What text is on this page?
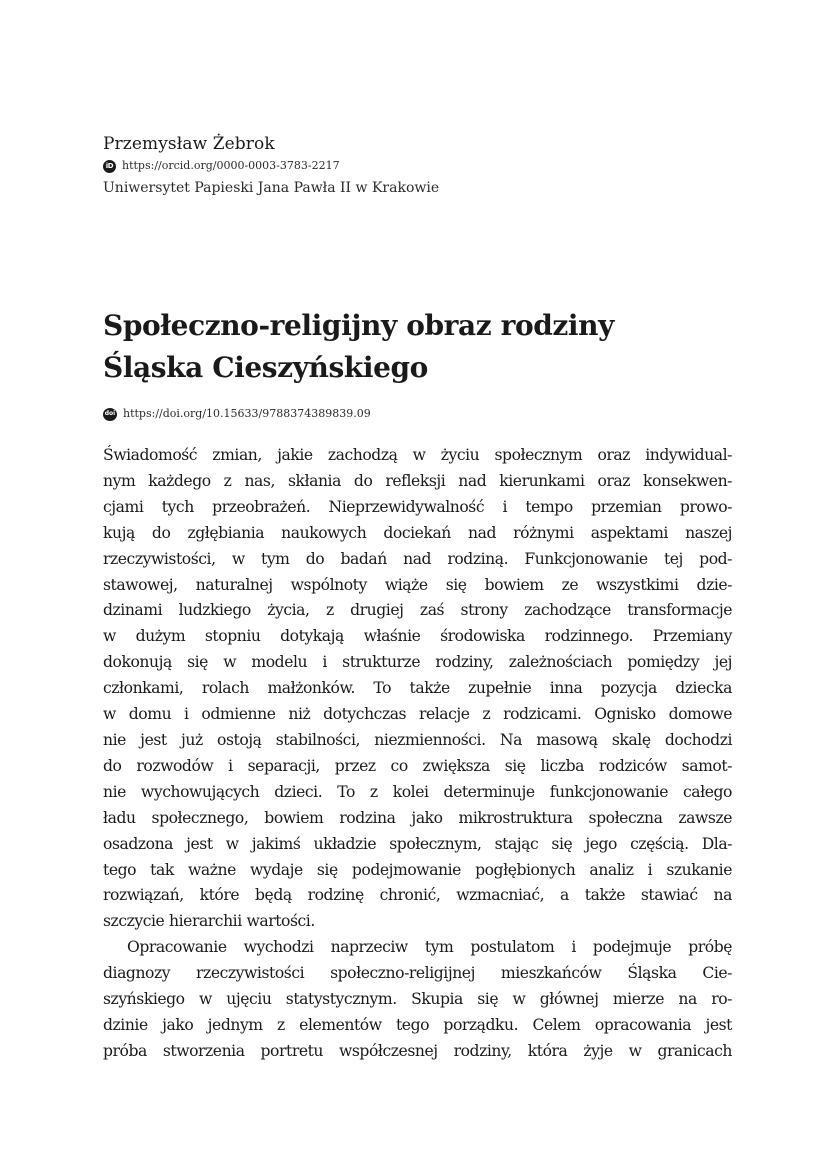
Przemysław Żebrok
iD https://orcid.org/0000-0003-3783-2217
Uniwersytet Papieski Jana Pawła II w Krakowie
Społeczno-religijny obraz rodziny
Śląska Cieszyńskiego
doi https://doi.org/10.15633/9788374389839.09

Świadomość zmian, jakie zachodzą w życiu społecznym oraz indywidual-

nym każdego z nas, skłania do refleksji nad kierunkami oraz konsekwen-

cjami tych przeobrażeń. Nieprzewidywalność i tempo przemian prowo-

kują do zgłębiania naukowych dociekań nad różnymi aspektami naszej

rzeczywistości, w tym do badań nad rodziną. Funkcjonowanie tej pod-

stawowej, naturalnej wspólnoty wiąże się bowiem ze wszystkimi dzie-

dzinami ludzkiego życia, z drugiej zaś strony zachodzące transformacje

w dużym stopniu dotykają właśnie środowiska rodzinnego. Przemiany

dokonują się w modelu i strukturze rodziny, zależnościach pomiędzy jej

członkami, rolach małżonków. To także zupełnie inna pozycja dziecka

w domu i odmienne niż dotychczas relacje z rodzicami. Ognisko domowe

nie jest już ostoją stabilności, niezmienności. Na masową skalę dochodzi

do rozwodów i separacji, przez co zwiększa się liczba rodziców samot-

nie wychowujących dzieci. To z kolei determinuje funkcjonowanie całego

ładu społecznego, bowiem rodzina jako mikrostruktura społeczna zawsze

osadzona jest w jakimś układzie społecznym, stając się jego częścią. Dla-

tego tak ważne wydaje się podejmowanie pogłębionych analiz i szukanie

rozwiązań, które będą rodzinę chronić, wzmacniać, a także stawiać na

szczycie hierarchii wartości.

Opracowanie wychodzi naprzeciw tym postulatom i podejmuje próbę

diagnozy rzeczywistości społeczno-religijnej mieszkańców Śląska Cie-

szyńskiego w ujęciu statystycznym. Skupia się w głównej mierze na ro-

dzinie jako jednym z elementów tego porządku. Celem opracowania jest

próba stworzenia portretu współczesnej rodziny, która żyje w granicach
